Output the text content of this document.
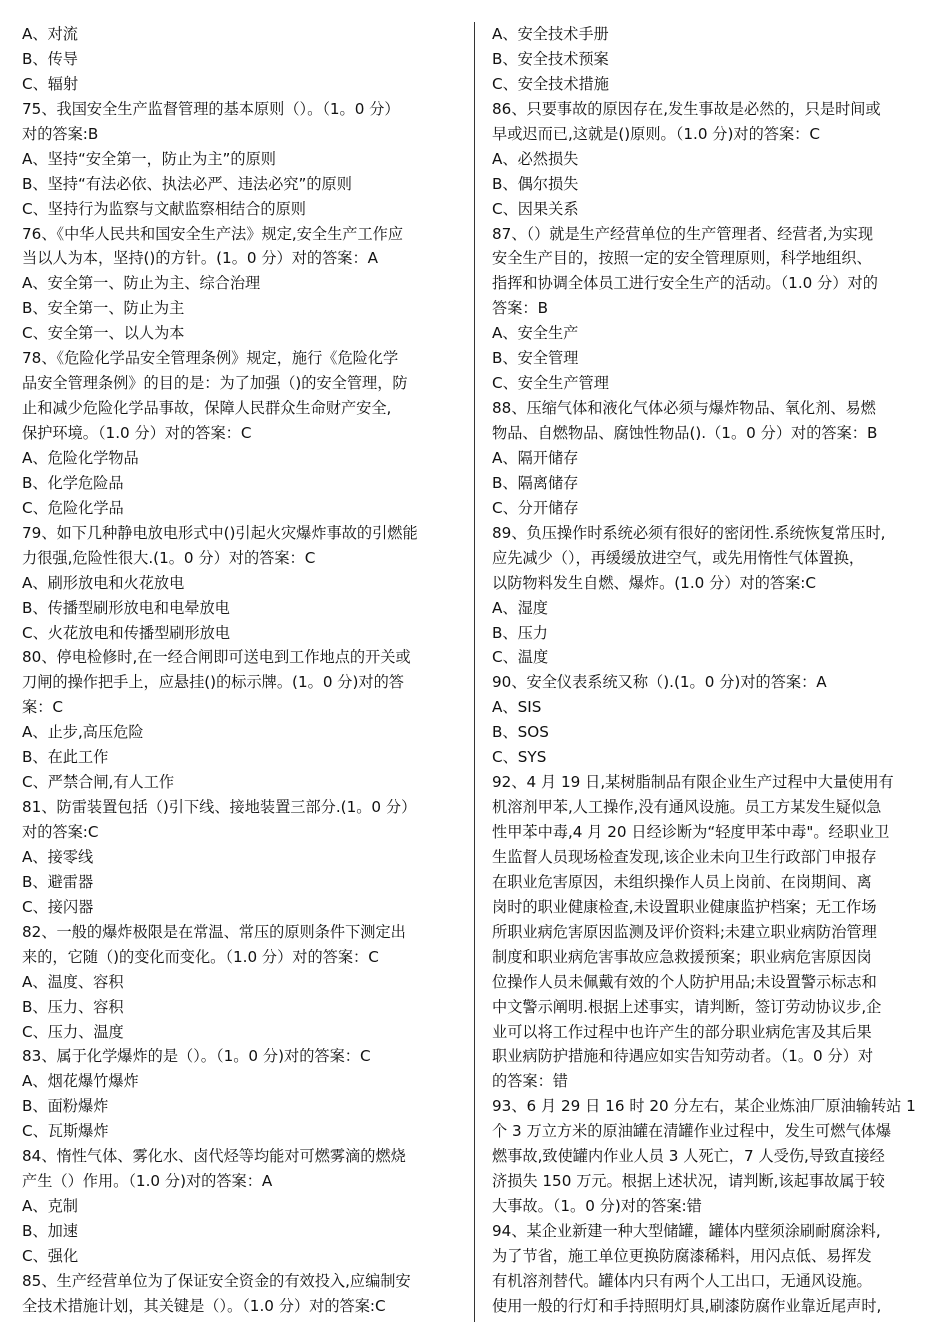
A、对流
B、传导
C、辐射
75、我国安全生产监督管理的基本原则（）。（1。0 分）
对的答案:B
A、坚持“安全第一，防止为主”的原则
B、坚持“有法必依、执法必严、违法必究”的原则
C、坚持行为监察与文献监察相结合的原则
76、《中华人民共和国安全生产法》规定,安全生产工作应
当以人为本，坚持()的方针。(1。0 分）对的答案：A
A、安全第一、防止为主、综合治理
B、安全第一、防止为主
C、安全第一、以人为本
78、《危险化学品安全管理条例》规定，施行《危险化学
品安全管理条例》的目的是：为了加强（)的安全管理，防
止和减少危险化学品事故，保障人民群众生命财产安全,
保护环境。（1.0 分）对的答案：C
A、危险化学物品
B、化学危险品
C、危险化学品
79、如下几种静电放电形式中()引起火灾爆炸事故的引燃能
力很强,危险性很大.(1。0 分）对的答案：C
A、刷形放电和火花放电
B、传播型刷形放电和电晕放电
C、火花放电和传播型刷形放电
80、停电检修时,在一经合闸即可送电到工作地点的开关或
刀闸的操作把手上，应悬挂()的标示牌。(1。0 分)对的答
案：C
A、止步,高压危险
B、在此工作
C、严禁合闸,有人工作
81、防雷装置包括（)引下线、接地装置三部分.(1。0 分）
对的答案:C
A、接零线
B、避雷器
C、接闪器
82、一般的爆炸极限是在常温、常压的原则条件下测定出
来的，它随（)的变化而变化。（1.0 分）对的答案：C
A、温度、容积
B、压力、容积
C、压力、温度
83、属于化学爆炸的是（）。（1。0 分)对的答案：C
A、烟花爆竹爆炸
B、面粉爆炸
C、瓦斯爆炸
84、惰性气体、雾化水、卤代烃等均能对可燃雾滴的燃烧
产生（）作用。（1.0 分)对的答案：A
A、克制
B、加速
C、强化
85、生产经营单位为了保证安全资金的有效投入,应编制安
全技术措施计划，其关键是（）。（1.0 分）对的答案:C
A、安全技术手册
B、安全技术预案
C、安全技术措施
86、只要事故的原因存在,发生事故是必然的，只是时间或
早或迟而已,这就是()原则。（1.0 分)对的答案：C
A、必然损失
B、偶尔损失
C、因果关系
87、（）就是生产经营单位的生产管理者、经营者,为实现
安全生产目的，按照一定的安全管理原则，科学地组织、
指挥和协调全体员工进行安全生产的活动。（1.0 分）对的
答案：B
A、安全生产
B、安全管理
C、安全生产管理
88、压缩气体和液化气体必须与爆炸物品、氧化剂、易燃
物品、自燃物品、腐蚀性物品().（1。0 分）对的答案：B
A、隔开储存
B、隔离储存
C、分开储存
89、负压操作时系统必须有很好的密闭性.系统恢复常压时,
应先减少（），再缓缓放进空气，或先用惰性气体置换，
以防物料发生自燃、爆炸。(1.0 分）对的答案:C
A、湿度
B、压力
C、温度
90、安全仪表系统又称（).(1。0 分)对的答案：A
A、SIS
B、SOS
C、SYS
92、4 月 19 日,某树脂制品有限企业生产过程中大量使用有
机溶剂甲苯,人工操作,没有通风设施。员工方某发生疑似急
性甲苯中毒,4 月 20 日经诊断为“轻度甲苯中毒"。经职业卫
生监督人员现场检查发现,该企业未向卫生行政部门申报存
在职业危害原因，未组织操作人员上岗前、在岗期间、离
岗时的职业健康检查,未设置职业健康监护档案；无工作场
所职业病危害原因监测及评价资料;未建立职业病防治管理
制度和职业病危害事故应急救援预案；职业病危害原因岗
位操作人员未佩戴有效的个人防护用品;未设置警示标志和
中文警示阐明.根据上述事实，请判断，签订劳动协议步,企
业可以将工作过程中也许产生的部分职业病危害及其后果
职业病防护措施和待遇应如实告知劳动者。（1。0 分）对
的答案：错
93、6 月 29 日 16 时 20 分左右，某企业炼油厂原油输转站 1
个 3 万立方米的原油罐在清罐作业过程中，发生可燃气体爆
燃事故,致使罐内作业人员 3 人死亡，7 人受伤,导致直接经
济损失 150 万元。根据上述状况，请判断,该起事故属于较
大事故。（1。0 分)对的答案:错
94、某企业新建一种大型储罐，罐体内壁须涂刷耐腐涂料,
为了节省，施工单位更换防腐漆稀料，用闪点低、易挥发
有机溶剂替代。罐体内只有两个人工出口，无通风设施。
使用一般的行灯和手持照明灯具,刷漆防腐作业靠近尾声时,
